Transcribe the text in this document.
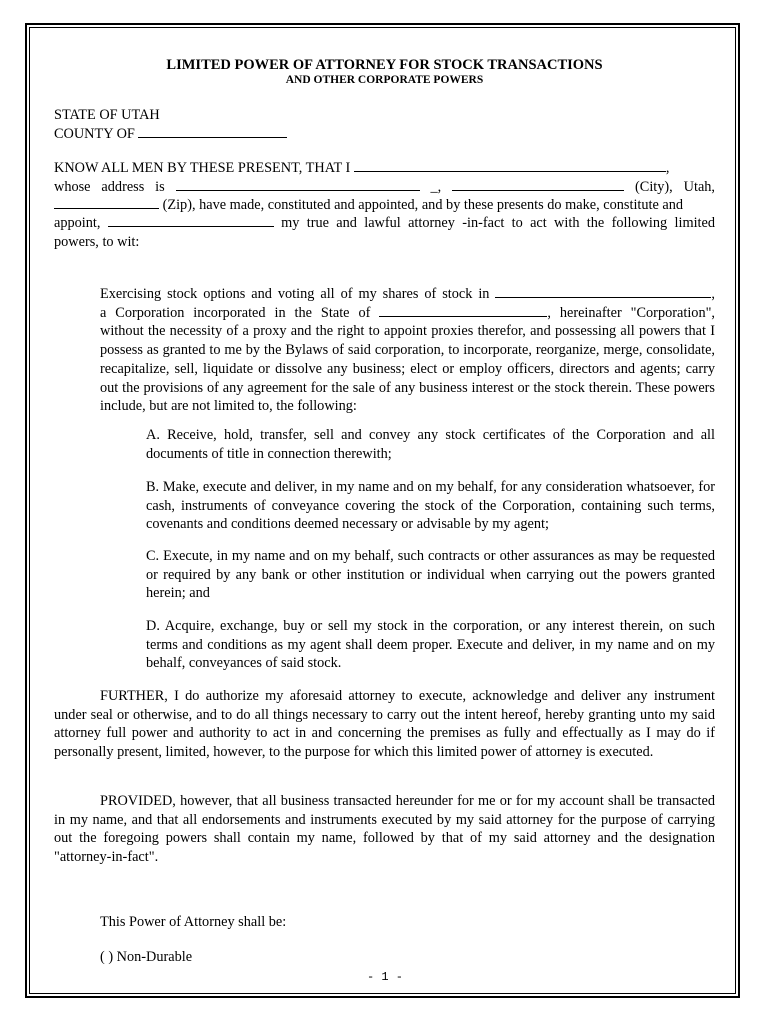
LIMITED POWER OF ATTORNEY FOR STOCK TRANSACTIONS
AND OTHER CORPORATE POWERS
STATE OF UTAH
COUNTY OF
KNOW ALL MEN BY THESE PRESENT, THAT I	,
whose address is	_,	(City), Utah,
(Zip), have made, constituted and appointed, and by these presents do make, constitute and
appoint,	my true and lawful attorney -in-fact to act with the following limited
powers, to wit:
Exercising stock options and voting all of my shares of stock in	,
a Corporation incorporated in the State of	, hereinafter "Corporation",
without the necessity of a proxy and the right to appoint proxies therefor, and possessing all powers that I possess as granted to me by the Bylaws of said corporation, to incorporate, reorganize, merge, consolidate, recapitalize, sell, liquidate or dissolve any business; elect or employ officers, directors and agents; carry out the provisions of any agreement for the sale of any business interest or the stock therein. These powers include, but are not limited to, the following:

A. Receive, hold, transfer, sell and convey any stock certificates of the Corporation and all documents of title in connection therewith;

B. Make, execute and deliver, in my name and on my behalf, for any consideration whatsoever, for cash, instruments of conveyance covering the stock of the Corporation, containing such terms, covenants and conditions deemed necessary or advisable by my agent;

C. Execute, in my name and on my behalf, such contracts or other assurances as may be requested or required by any bank or other institution or individual when carrying out the powers granted herein; and

D. Acquire, exchange, buy or sell my stock in the corporation, or any interest therein, on such terms and conditions as my agent shall deem proper. Execute and deliver, in my name and on my behalf, conveyances of said stock.

FURTHER, I do authorize my aforesaid attorney to execute, acknowledge and deliver any instrument under seal or otherwise, and to do all things necessary to carry out the intent hereof, hereby granting unto my said attorney full power and authority to act in and concerning the premises as fully and effectually as I may do if personally present, limited, however, to the purpose for which this limited power of attorney is executed.

PROVIDED, however, that all business transacted hereunder for me or for my account shall be transacted in my name, and that all endorsements and instruments executed by my said attorney for the purpose of carrying out the foregoing powers shall contain my name, followed by that of my said attorney and the designation "attorney-in-fact".

This Power of Attorney shall be:
( ) Non-Durable
- 1 -
